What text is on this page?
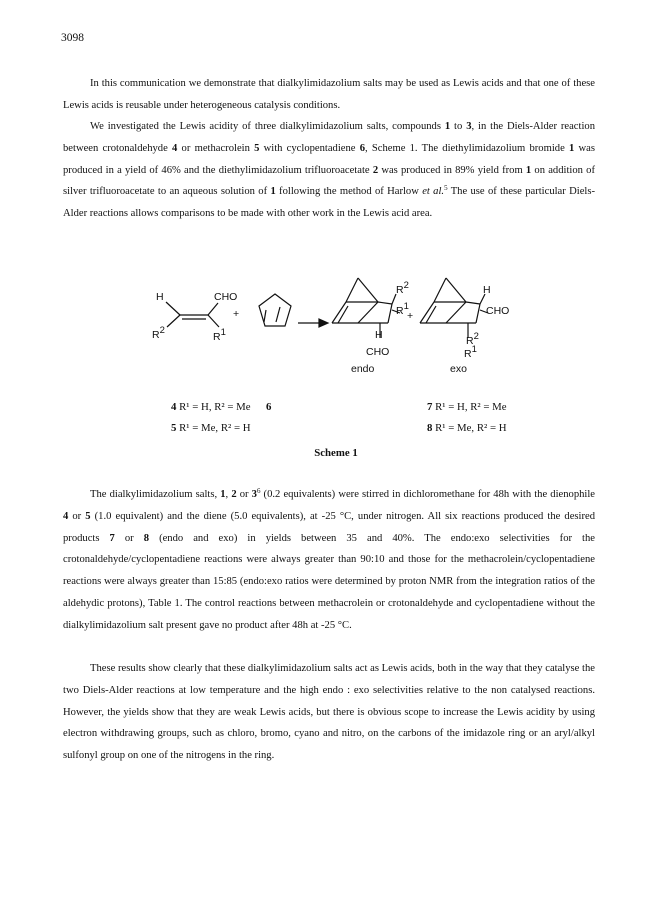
3098

In this communication we demonstrate that dialkylimidazolium salts may be used as Lewis acids and that one of these Lewis acids is reusable under heterogeneous catalysis conditions.

We investigated the Lewis acidity of three dialkylimidazolium salts, compounds 1 to 3, in the Diels-Alder reaction between crotonaldehyde 4 or methacrolein 5 with cyclopentadiene 6, Scheme 1. The diethylimidazolium bromide 1 was produced in a yield of 46% and the diethylimidazolium trifluoroacetate 2 was produced in 89% yield from 1 on addition of silver trifluoroacetate to an aqueous solution of 1 following the method of Harlow et al.$^5$ The use of these particular Diels-Alder reactions allows comparisons to be made with other work in the Lewis acid area.

H	CHO
R2
R1
+
R2
R1
+
H
CHO
endo
H
CHO
R2
R1
exo
4 R¹ = H, R² = Me 6
5 R¹ = Me, R² = H
7 R¹ = H, R² = Me
8 R¹ = Me, R² = H
Scheme 1

The dialkylimidazolium salts, 1, 2 or $3^6$ (0.2 equivalents) were stirred in dichloromethane for 48h with the dienophile 4 or 5 (1.0 equivalent) and the diene (5.0 equivalents), at -25 °C, under nitrogen. All six reactions produced the desired products 7 or 8 (endo and exo) in yields between 35 and 40%. The endo:exo selectivities for the crotonaldehyde/cyclopentadiene reactions were always greater than 90:10 and those for the methacrolein/cyclopentadiene reactions were always greater than 15:85 (endo:exo ratios were determined by proton NMR from the integration ratios of the aldehydic protons), Table 1. The control reactions between methacrolein or crotonaldehyde and cyclopentadiene without the dialkylimidazolium salt present gave no product after 48h at -25 °C.

These results show clearly that these dialkylimidazolium salts act as Lewis acids, both in the way that they catalyse the two Diels-Alder reactions at low temperature and the high endo : exo selectivities relative to the non catalysed reactions. However, the yields show that they are weak Lewis acids, but there is obvious scope to increase the Lewis acidity by using electron withdrawing groups, such as chloro, bromo, cyano and nitro, on the carbons of the imidazole ring or an aryl/alkyl sulfonyl group on one of the nitrogens in the ring.
